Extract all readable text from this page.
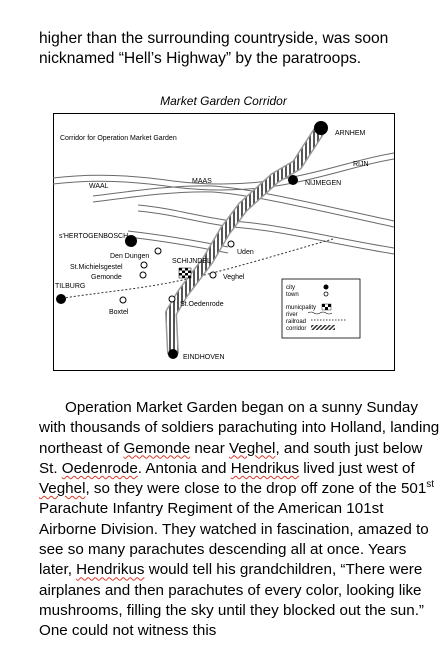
higher than the surrounding countryside, was soon
nicknamed “Hell’s Highway” by the paratroops.
Market Garden Corridor
Corridor for Operation Market Garden
ARNHEM
RIJN
WAAL
MAAS	NIJMEGEN
s'HERTOGENBOSCH
Den Dungen
St.Michielsgestel
Gemonde
SCHIJNDEL
Uden
Veghel
TILBURG
Boxtel
St.Oedenrode
EINDHOVEN
city
town
municpality
river
railroad
corridor

Operation Market Garden began on a sunny Sunday with thousands of soldiers parachuting into Holland, landing northeast of Gemonde near Veghel, and south just below St. Oedenrode. Antonia and Hendrikus lived just west of Veghel, so they were close to the drop off zone of the 501st Parachute Infantry Regiment of the American 101st Airborne Division. They watched in fascination, amazed to see so many parachutes descending all at once. Years later, Hendrikus would tell his grandchildren, “There were airplanes and then parachutes of every color, looking like mushrooms, filling the sky until they blocked out the sun.” One could not witness this
